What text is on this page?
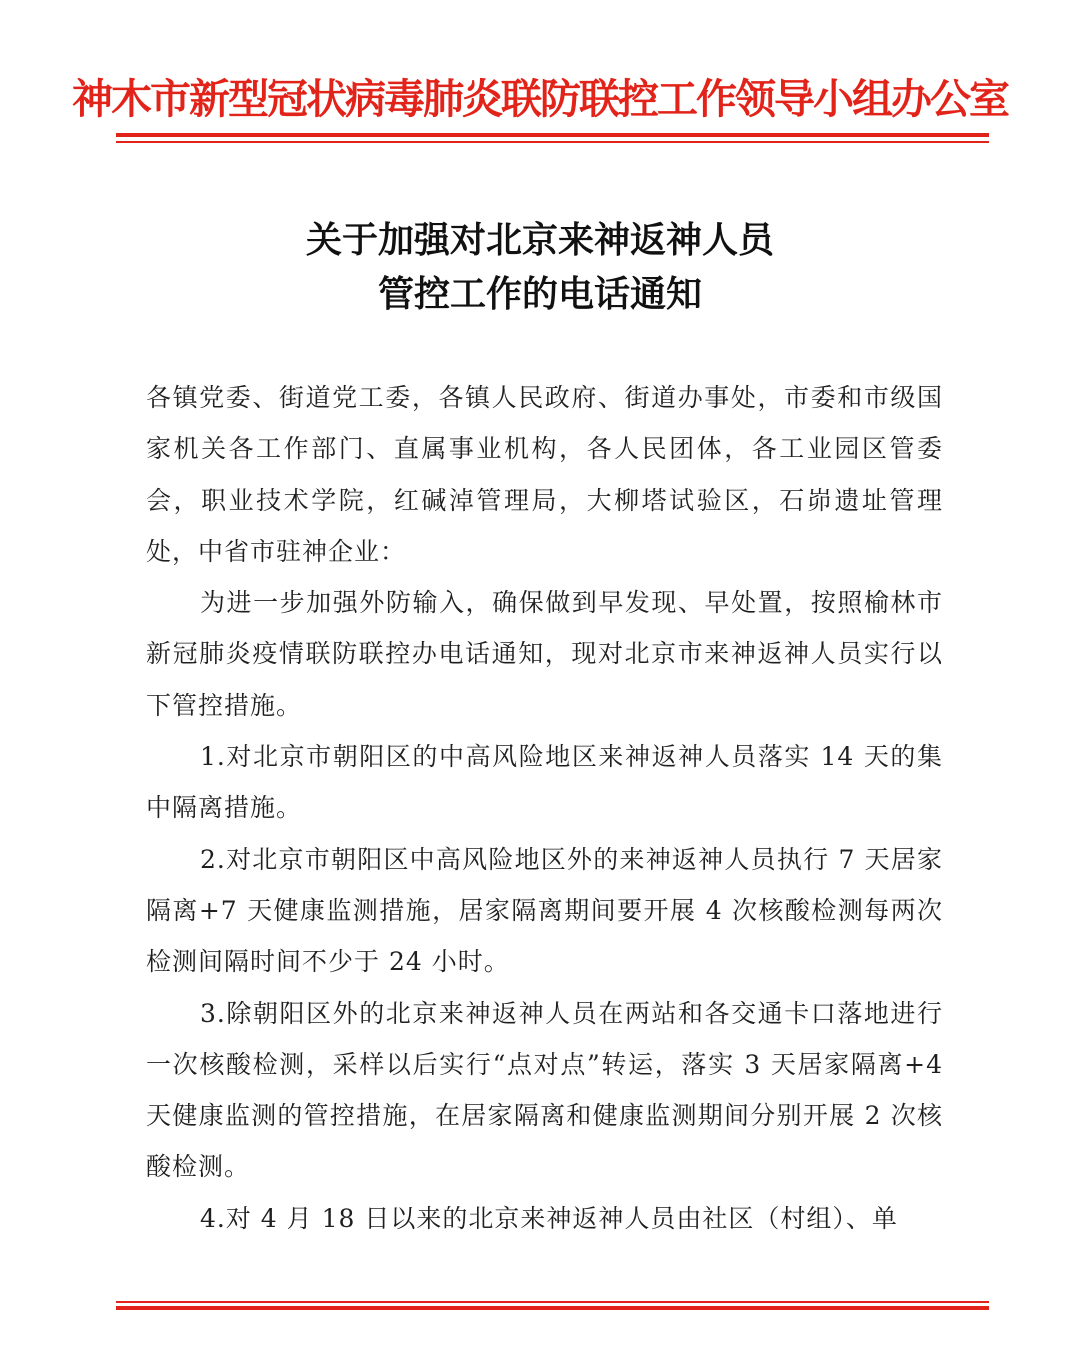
神木市新型冠状病毒肺炎联防联控工作领导小组办公室
关于加强对北京来神返神人员
管控工作的电话通知

各镇党委、街道党工委，各镇人民政府、街道办事处，市委和市级国家机关各工作部门、直属事业机构，各人民团体，各工业园区管委会，职业技术学院，红碱淖管理局，大柳塔试验区，石峁遗址管理处，中省市驻神企业：

为进一步加强外防输入，确保做到早发现、早处置，按照榆林市新冠肺炎疫情联防联控办电话通知，现对北京市来神返神人员实行以下管控措施。

1.对北京市朝阳区的中高风险地区来神返神人员落实 14 天的集中隔离措施。

2.对北京市朝阳区中高风险地区外的来神返神人员执行 7 天居家隔离+7 天健康监测措施，居家隔离期间要开展 4 次核酸检测每两次检测间隔时间不少于 24 小时。

3.除朝阳区外的北京来神返神人员在两站和各交通卡口落地进行一次核酸检测，采样以后实行“点对点”转运，落实 3 天居家隔离+4 天健康监测的管控措施，在居家隔离和健康监测期间分别开展 2 次核酸检测。

4.对 4 月 18 日以来的北京来神返神人员由社区（村组）、单
